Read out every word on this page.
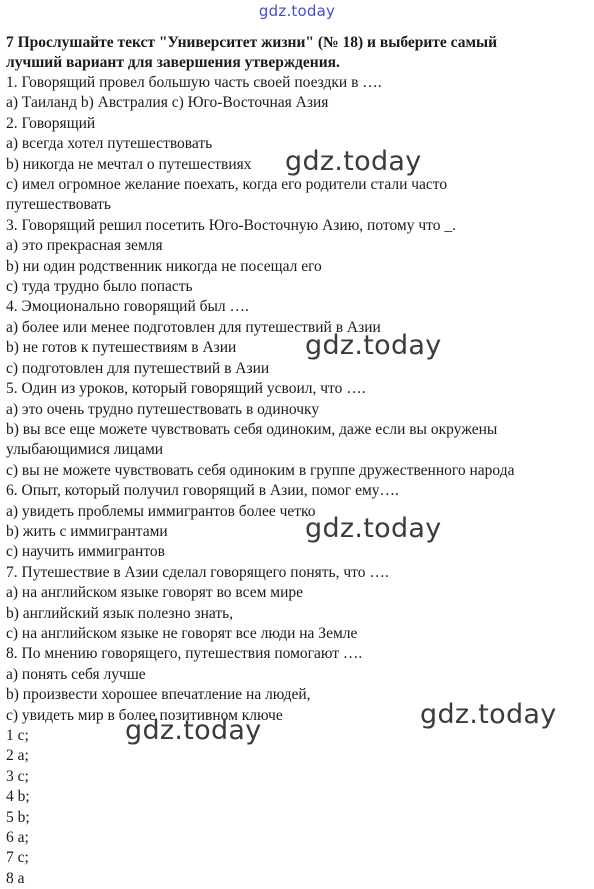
gdz.today

7 Прослушайте текст "Университет жизни" (№ 18) и выберите самый

лучший вариант для завершения утверждения.

1. Говорящий провел большую часть своей поездки в ….

a) Таиланд b) Австралия c) Юго-Восточная Азия

2. Говорящий

a) всегда хотел путешествовать

b) никогда не мечтал о путешествиях

c) имел огромное желание поехать, когда его родители стали часто

путешествовать

3. Говорящий решил посетить Юго-Восточную Азию, потому что _.

a) это прекрасная земля

b) ни один родственник никогда не посещал его

c) туда трудно было попасть

4. Эмоционально говорящий был ….

a) более или менее подготовлен для путешествий в Азии

b) не готов к путешествиям в Азии

c) подготовлен для путешествий в Азии

5. Один из уроков, который говорящий усвоил, что ….

a) это очень трудно путешествовать в одиночку

b) вы все еще можете чувствовать себя одиноким, даже если вы окружены

улыбающимися лицами

c) вы не можете чувствовать себя одиноким в группе дружественного народа

6. Опыт, который получил говорящий в Азии, помог ему….

a) увидеть проблемы иммигрантов более четко

b) жить с иммигрантами

c) научить иммигрантов

7. Путешествие в Азии сделал говорящего понять, что ….

a) на английском языке говорят во всем мире

b) английский язык полезно знать,

c) на английском языке не говорят все люди на Земле

8. По мнению говорящего, путешествия помогают ….

a) понять себя лучше

b) произвести хорошее впечатление на людей,

c) увидеть мир в более позитивном ключе

1 c;

2 a;

3 c;

4 b;

5 b;

6 a;

7 c;

8 a

gdz.today
gdz.today
gdz.today
gdz.today
gdz.today
